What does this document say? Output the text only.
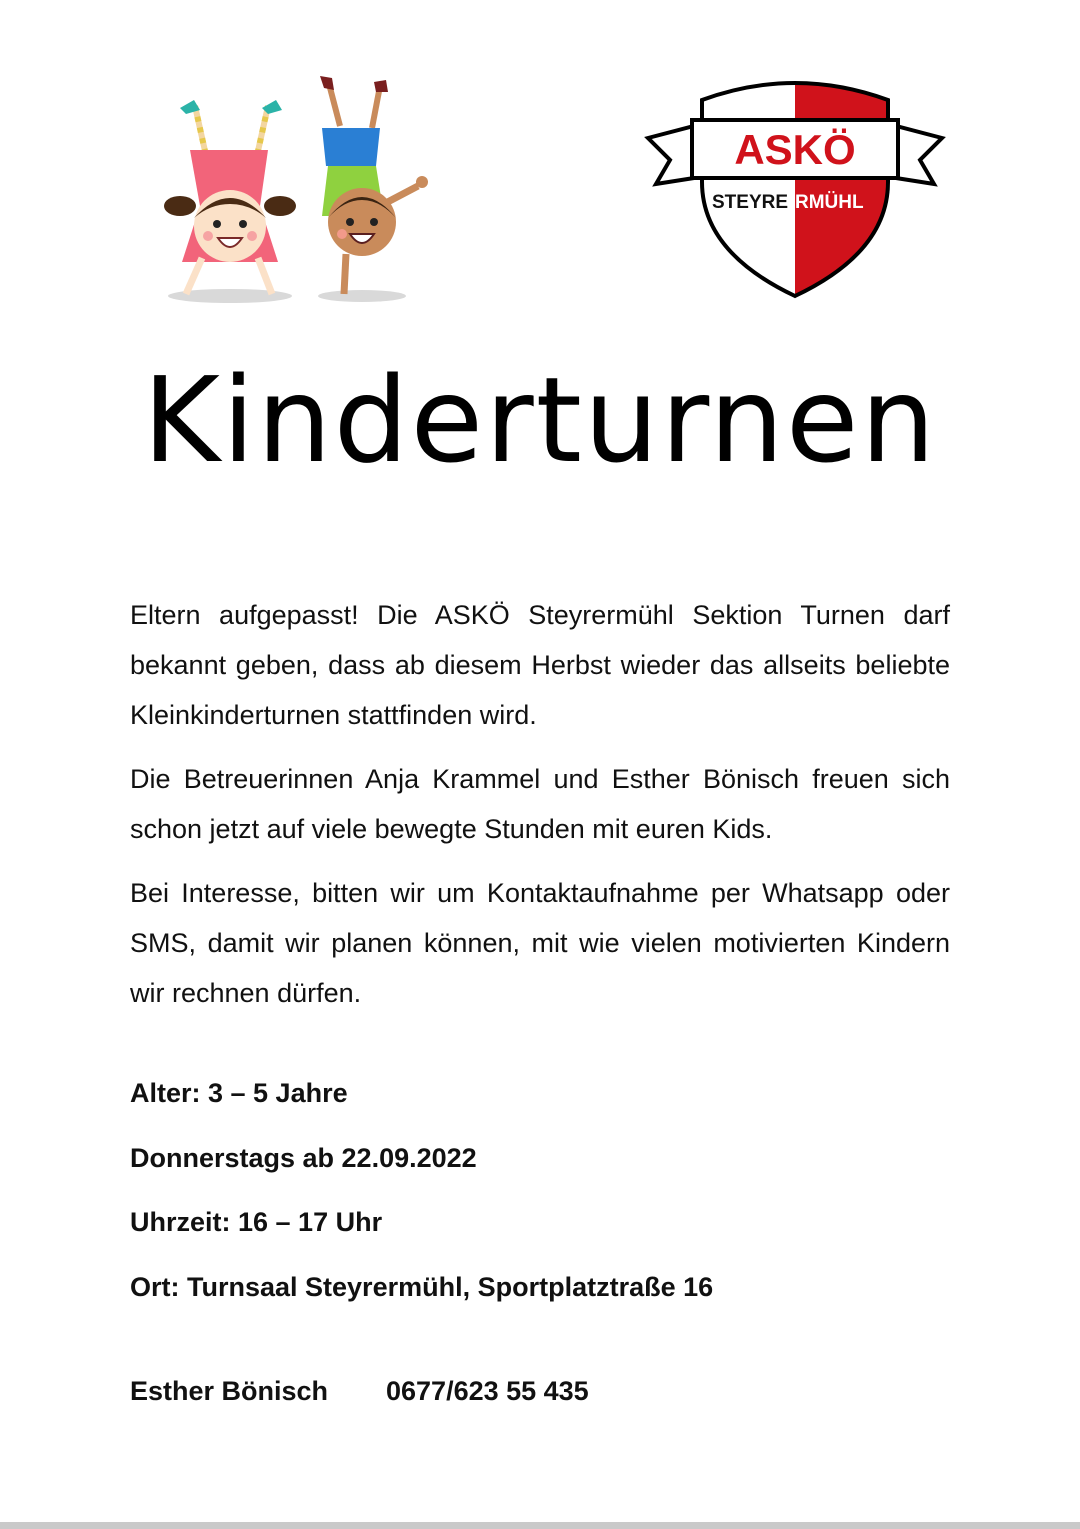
ASKÖ
STEYRE RMÜHL
Kinderturnen

Eltern aufgepasst! Die ASKÖ Steyrermühl Sektion Turnen darf bekannt geben, dass ab diesem Herbst wieder das allseits beliebte Kleinkinderturnen stattfinden wird.

Die Betreuerinnen Anja Krammel und Esther Bönisch freuen sich schon jetzt auf viele bewegte Stunden mit euren Kids.

Bei Interesse, bitten wir um Kontaktaufnahme per Whatsapp oder SMS, damit wir planen können, mit wie vielen motivierten Kindern wir rechnen dürfen.

Alter: 3 – 5 Jahre
Donnerstags ab 22.09.2022
Uhrzeit: 16 – 17 Uhr
Ort: Turnsaal Steyrermühl, Sportplatztraße 16
Esther Bönisch 0677/623 55 435
